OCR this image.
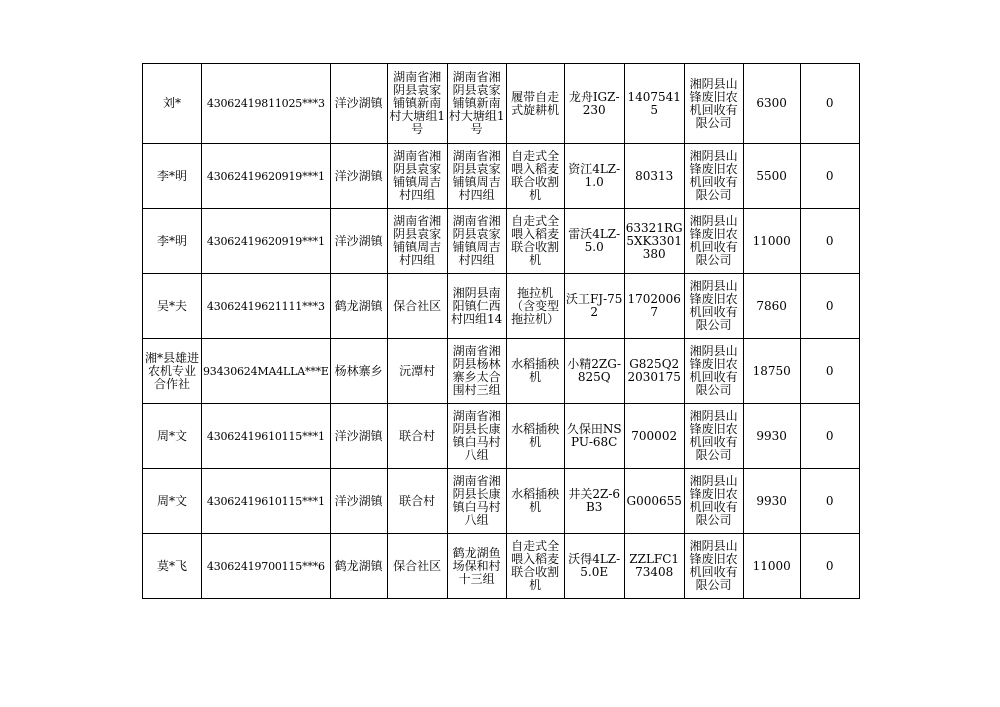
刘*	43062419811025***3	洋沙湖镇	湖南省湘阴县袁家铺镇新南村大塘组1号	湖南省湘阴县袁家铺镇新南村大塘组1号	履带自走式旋耕机	龙舟IGZ-230	14075415	湘阴县山锋废旧农机回收有限公司	6300	0
李*明	43062419620919***1	洋沙湖镇	湖南省湘阴县袁家铺镇周吉村四组	湖南省湘阴县袁家铺镇周吉村四组	自走式全喂入稻麦联合收割机	资江4LZ-1.0	80313	湘阴县山锋废旧农机回收有限公司	5500	0
李*明	43062419620919***1	洋沙湖镇	湖南省湘阴县袁家铺镇周吉村四组	湖南省湘阴县袁家铺镇周吉村四组	自走式全喂入稻麦联合收割机	雷沃4LZ-5.0	63321RG5XK3301380	湘阴县山锋废旧农机回收有限公司	11000	0
吴*夫	43062419621111***3	鹤龙湖镇	保合社区	湘阴县南阳镇仁西村四组14	拖拉机（含变型拖拉机）	沃工FJ-752	17020067	湘阴县山锋废旧农机回收有限公司	7860	0
湘*县雄进农机专业合作社	93430624MA4LLA***E	杨林寨乡	沅潭村	湖南省湘阴县杨林寨乡太合围村三组	水稻插秧机	小精2ZG-825Q	G825Q22030175	湘阴县山锋废旧农机回收有限公司	18750	0
周*文	43062419610115***1	洋沙湖镇	联合村	湖南省湘阴县长康镇白马村八组	水稻插秧机	久保田NSPU-68C	700002	湘阴县山锋废旧农机回收有限公司	9930	0
周*文	43062419610115***1	洋沙湖镇	联合村	湖南省湘阴县长康镇白马村八组	水稻插秧机	井关2Z-6B3	G000655	湘阴县山锋废旧农机回收有限公司	9930	0
莫*飞	43062419700115***6	鹤龙湖镇	保合社区	鹤龙湖鱼场保和村十三组	自走式全喂入稻麦联合收割机	沃得4LZ-5.0E	ZZLFC173408	湘阴县山锋废旧农机回收有限公司	11000	0
